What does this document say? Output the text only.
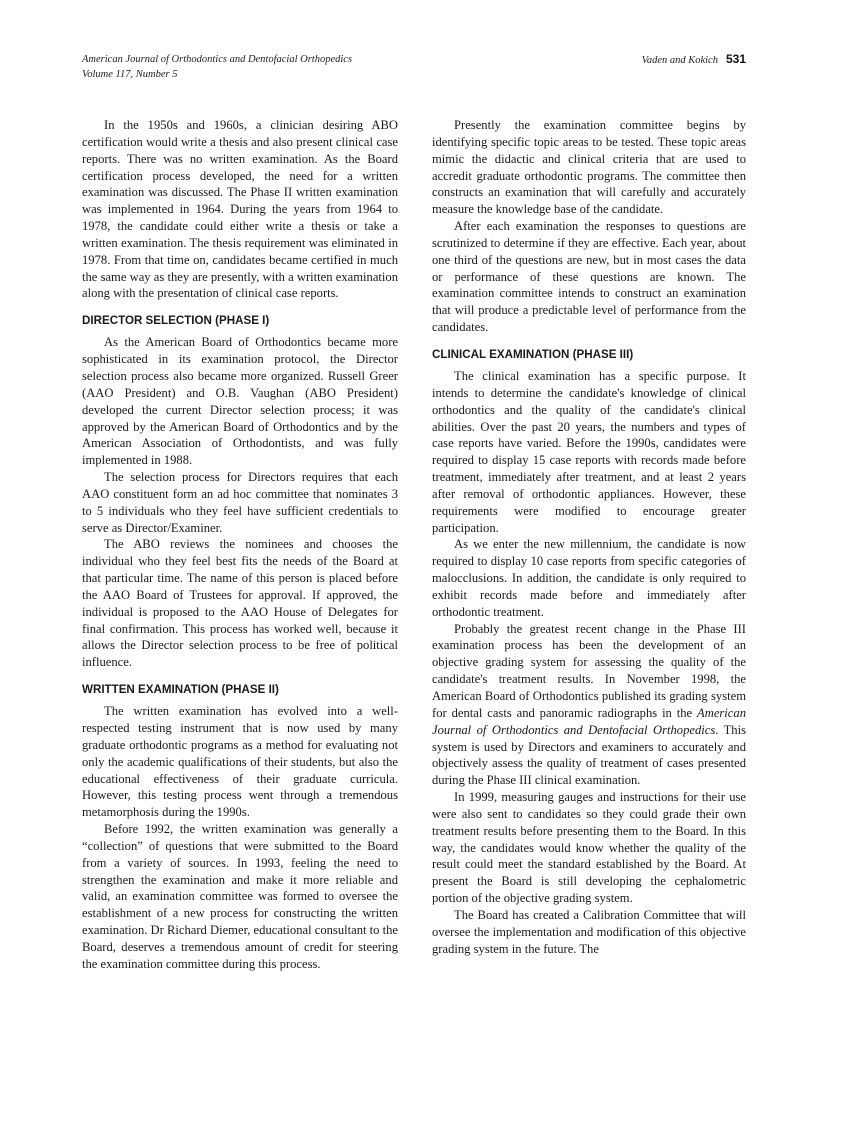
American Journal of Orthodontics and Dentofacial Orthopedics
Volume 117, Number 5
Vaden and Kokich 531

In the 1950s and 1960s, a clinician desiring ABO certification would write a thesis and also present clinical case reports. There was no written examination. As the Board certification process developed, the need for a written examination was discussed. The Phase II written examination was implemented in 1964. During the years from 1964 to 1978, the candidate could either write a thesis or take a written examination. The thesis requirement was eliminated in 1978. From that time on, candidates became certified in much the same way as they are presently, with a written examination along with the presentation of clinical case reports.

DIRECTOR SELECTION (PHASE I)

As the American Board of Orthodontics became more sophisticated in its examination protocol, the Director selection process also became more organized. Russell Greer (AAO President) and O.B. Vaughan (ABO President) developed the current Director selection process; it was approved by the American Board of Orthodontics and by the American Association of Orthodontists, and was fully implemented in 1988.

The selection process for Directors requires that each AAO constituent form an ad hoc committee that nominates 3 to 5 individuals who they feel have sufficient credentials to serve as Director/Examiner.

The ABO reviews the nominees and chooses the individual who they feel best fits the needs of the Board at that particular time. The name of this person is placed before the AAO Board of Trustees for approval. If approved, the individual is proposed to the AAO House of Delegates for final confirmation. This process has worked well, because it allows the Director selection process to be free of political influence.

WRITTEN EXAMINATION (PHASE II)

The written examination has evolved into a well-respected testing instrument that is now used by many graduate orthodontic programs as a method for evaluating not only the academic qualifications of their students, but also the educational effectiveness of their graduate curricula. However, this testing process went through a tremendous metamorphosis during the 1990s.

Before 1992, the written examination was generally a “collection” of questions that were submitted to the Board from a variety of sources. In 1993, feeling the need to strengthen the examination and make it more reliable and valid, an examination committee was formed to oversee the establishment of a new process for constructing the written examination. Dr Richard Diemer, educational consultant to the Board, deserves a tremendous amount of credit for steering the examination committee during this process.

Presently the examination committee begins by identifying specific topic areas to be tested. These topic areas mimic the didactic and clinical criteria that are used to accredit graduate orthodontic programs. The committee then constructs an examination that will carefully and accurately measure the knowledge base of the candidate.

After each examination the responses to questions are scrutinized to determine if they are effective. Each year, about one third of the questions are new, but in most cases the data or performance of these questions are known. The examination committee intends to construct an examination that will produce a predictable level of performance from the candidates.

CLINICAL EXAMINATION (PHASE III)

The clinical examination has a specific purpose. It intends to determine the candidate's knowledge of clinical orthodontics and the quality of the candidate's clinical abilities. Over the past 20 years, the numbers and types of case reports have varied. Before the 1990s, candidates were required to display 15 case reports with records made before treatment, immediately after treatment, and at least 2 years after removal of orthodontic appliances. However, these requirements were modified to encourage greater participation.

As we enter the new millennium, the candidate is now required to display 10 case reports from specific categories of malocclusions. In addition, the candidate is only required to exhibit records made before and immediately after orthodontic treatment.

Probably the greatest recent change in the Phase III examination process has been the development of an objective grading system for assessing the quality of the candidate's treatment results. In November 1998, the American Board of Orthodontics published its grading system for dental casts and panoramic radiographs in the American Journal of Orthodontics and Dentofacial Orthopedics. This system is used by Directors and examiners to accurately and objectively assess the quality of treatment of cases presented during the Phase III clinical examination.

In 1999, measuring gauges and instructions for their use were also sent to candidates so they could grade their own treatment results before presenting them to the Board. In this way, the candidates would know whether the quality of the result could meet the standard established by the Board. At present the Board is still developing the cephalometric portion of the objective grading system.

The Board has created a Calibration Committee that will oversee the implementation and modification of this objective grading system in the future. The
